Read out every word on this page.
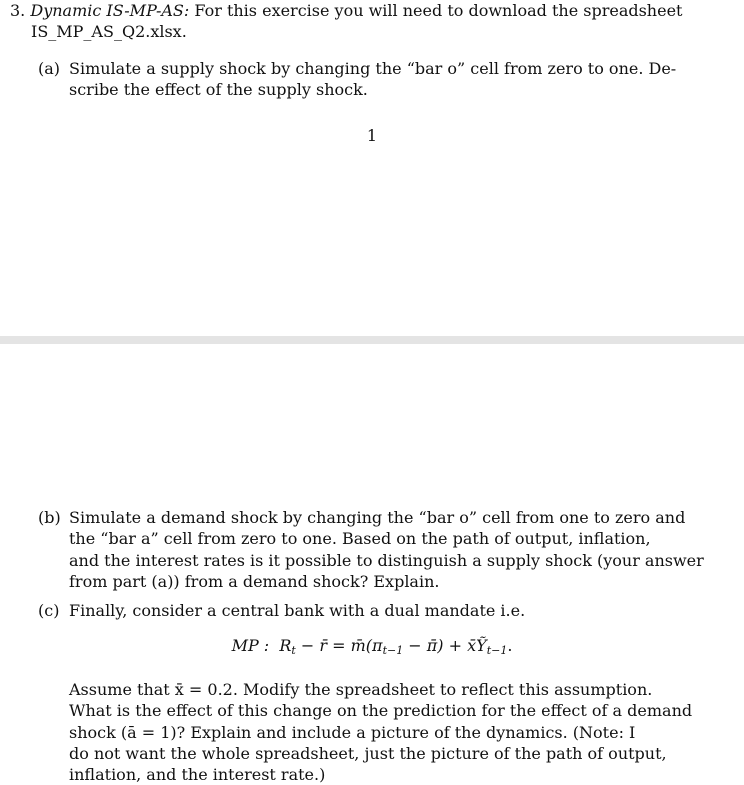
3. Dynamic IS-MP-AS: For this exercise you will need to download the spreadsheet
IS_MP_AS_Q2.xlsx.
(a) Simulate a supply shock by changing the “bar o” cell from zero to one. De-
scribe the effect of the supply shock.
1
(b) Simulate a demand shock by changing the “bar o” cell from one to zero and
the “bar a” cell from zero to one. Based on the path of output, inflation,
and the interest rates is it possible to distinguish a supply shock (your answer
from part (a)) from a demand shock? Explain.
(c) Finally, consider a central bank with a dual mandate i.e.
MP : $R_t$ − r̄ = $m̄(\pi_{t-1}$ − π̄) + x̄Ỹ$_{t-1}$.
Assume that x̄ = 0.2. Modify the spreadsheet to reflect this assumption.
What is the effect of this change on the prediction for the effect of a demand
shock (ā = 1)? Explain and include a picture of the dynamics. (Note: I
do not want the whole spreadsheet, just the picture of the path of output,
inflation, and the interest rate.)
